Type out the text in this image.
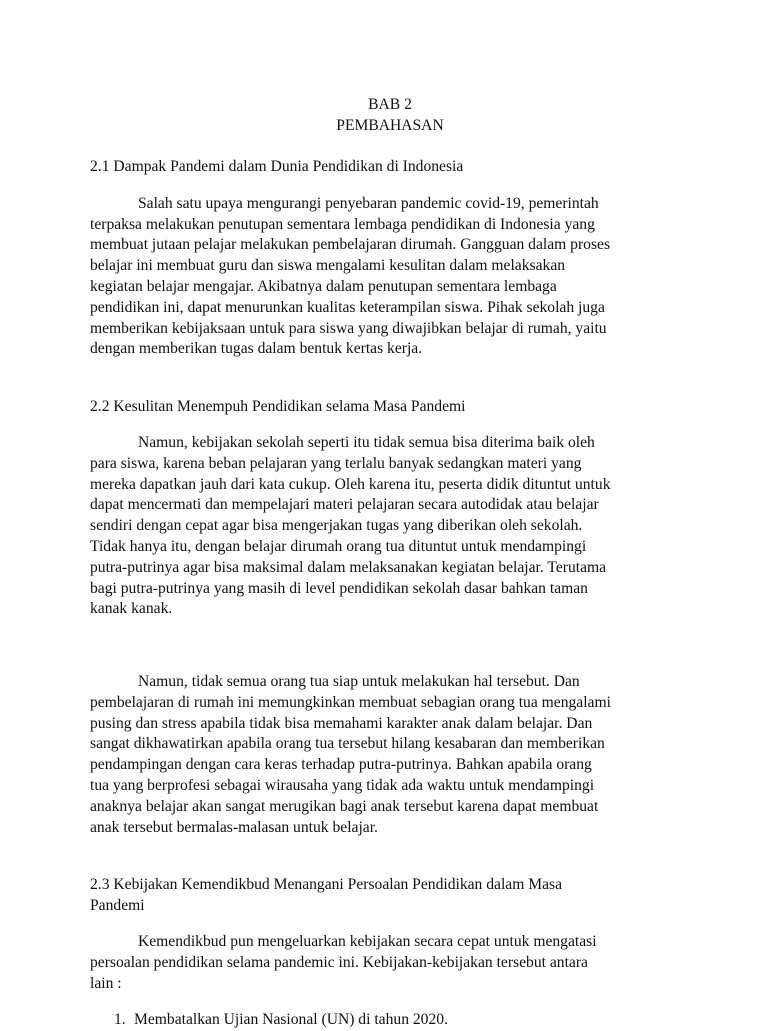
BAB 2

PEMBAHASAN

2.1 Dampak Pandemi dalam Dunia Pendidikan di Indonesia

Salah satu upaya mengurangi penyebaran pandemic covid-19, pemerintah
terpaksa melakukan penutupan sementara lembaga pendidikan di Indonesia yang
membuat jutaan pelajar melakukan pembelajaran dirumah. Gangguan dalam proses
belajar ini membuat guru dan siswa mengalami kesulitan dalam melaksakan
kegiatan belajar mengajar. Akibatnya dalam penutupan sementara lembaga
pendidikan ini, dapat menurunkan kualitas keterampilan siswa. Pihak sekolah juga
memberikan kebijaksaan untuk para siswa yang diwajibkan belajar di rumah, yaitu
dengan memberikan tugas dalam bentuk kertas kerja.

2.2 Kesulitan Menempuh Pendidikan selama Masa Pandemi

Namun, kebijakan sekolah seperti itu tidak semua bisa diterima baik oleh
para siswa, karena beban pelajaran yang terlalu banyak sedangkan materi yang
mereka dapatkan jauh dari kata cukup. Oleh karena itu, peserta didik dituntut untuk
dapat mencermati dan mempelajari materi pelajaran secara autodidak atau belajar
sendiri dengan cepat agar bisa mengerjakan tugas yang diberikan oleh sekolah.
Tidak hanya itu, dengan belajar dirumah orang tua dituntut untuk mendampingi
putra-putrinya agar bisa maksimal dalam melaksanakan kegiatan belajar. Terutama
bagi putra-putrinya yang masih di level pendidikan sekolah dasar bahkan taman
kanak kanak.

Namun, tidak semua orang tua siap untuk melakukan hal tersebut. Dan
pembelajaran di rumah ini memungkinkan membuat sebagian orang tua mengalami
pusing dan stress apabila tidak bisa memahami karakter anak dalam belajar. Dan
sangat dikhawatirkan apabila orang tua tersebut hilang kesabaran dan memberikan
pendampingan dengan cara keras terhadap putra-putrinya. Bahkan apabila orang
tua yang berprofesi sebagai wirausaha yang tidak ada waktu untuk mendampingi
anaknya belajar akan sangat merugikan bagi anak tersebut karena dapat membuat
anak tersebut bermalas-malasan untuk belajar.

2.3 Kebijakan Kemendikbud Menangani Persoalan Pendidikan dalam Masa
Pandemi

Kemendikbud pun mengeluarkan kebijakan secara cepat untuk mengatasi
persoalan pendidikan selama pandemic ini. Kebijakan-kebijakan tersebut antara
lain :

1. Membatalkan Ujian Nasional (UN) di tahun 2020.
